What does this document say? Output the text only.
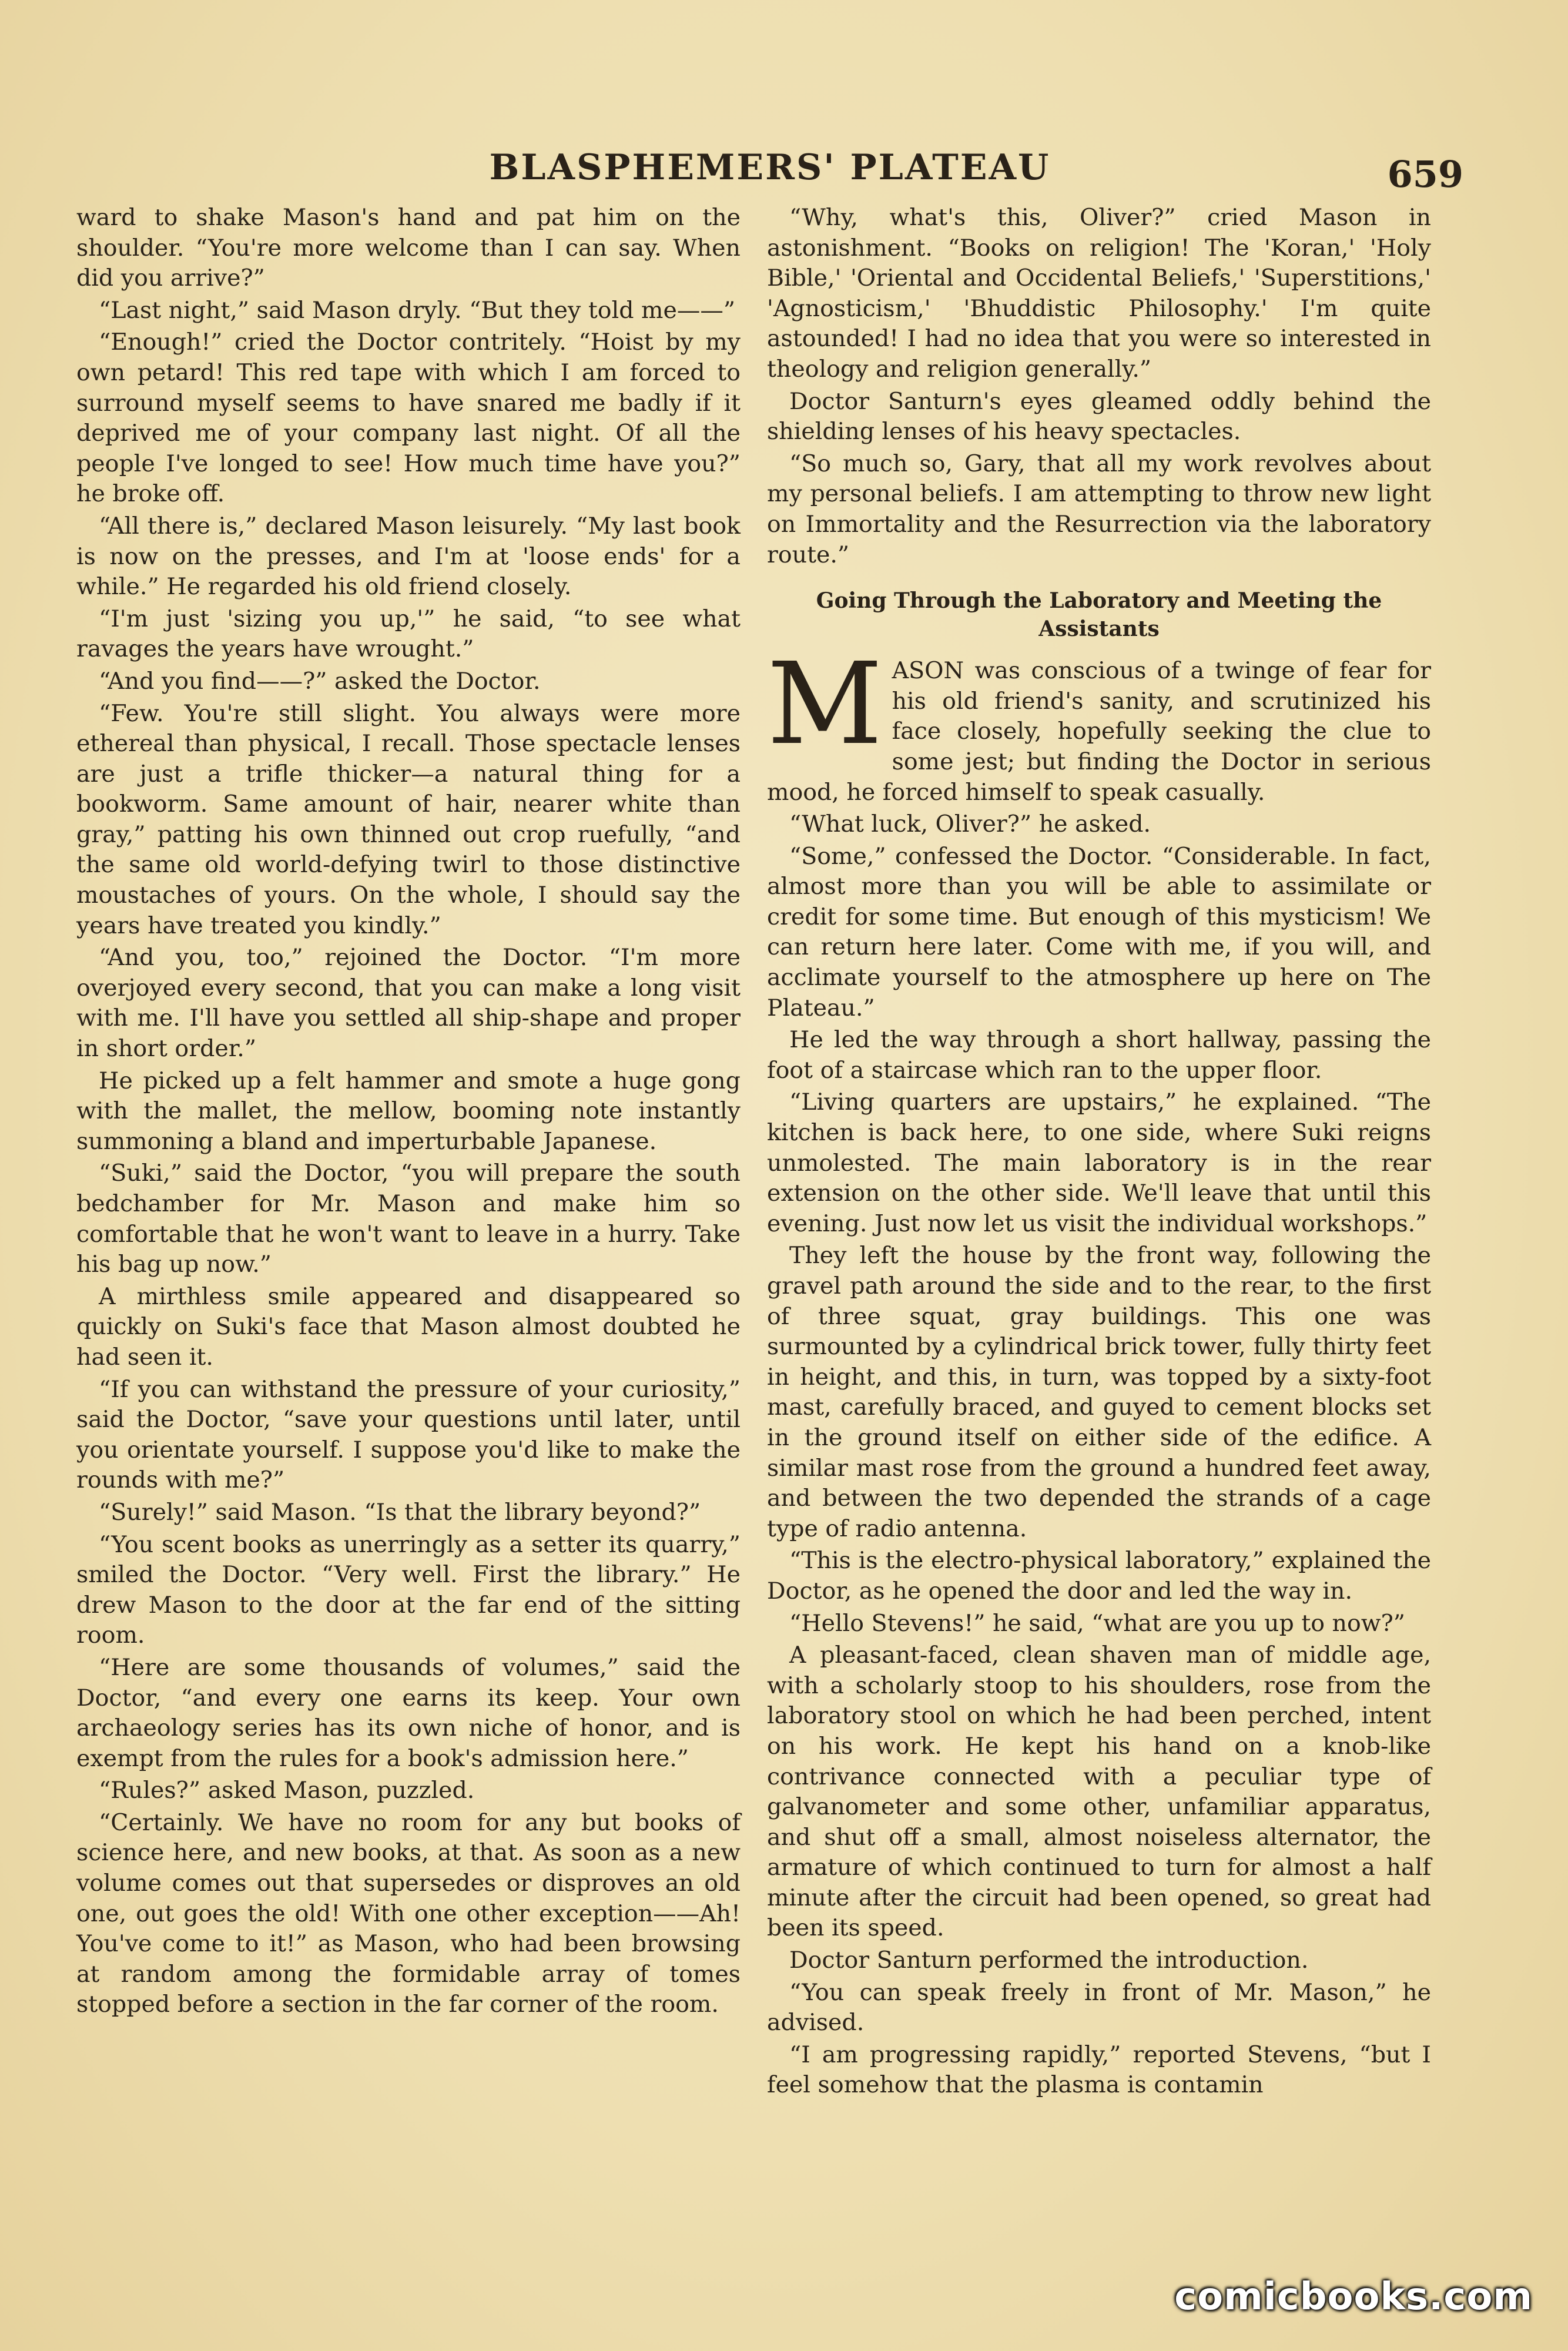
BLASPHEMERS' PLATEAU	659

ward to shake Mason's hand and pat him on the shoulder. “You're more welcome than I can say. When did you arrive?”

“Last night,” said Mason dryly. “But they told me——”

“Enough!” cried the Doctor contritely. “Hoist by my own petard! This red tape with which I am forced to surround myself seems to have snared me badly if it deprived me of your company last night. Of all the people I've longed to see! How much time have you?” he broke off.

“All there is,” declared Mason leisurely. “My last book is now on the presses, and I'm at 'loose ends' for a while.” He regarded his old friend closely.

“I'm just 'sizing you up,'” he said, “to see what ravages the years have wrought.”

“And you find——?” asked the Doctor.

“Few. You're still slight. You always were more ethereal than physical, I recall. Those spectacle lenses are just a trifle thicker—a natural thing for a bookworm. Same amount of hair, nearer white than gray,” patting his own thinned out crop ruefully, “and the same old world-defying twirl to those distinctive moustaches of yours. On the whole, I should say the years have treated you kindly.”

“And you, too,” rejoined the Doctor. “I'm more overjoyed every second, that you can make a long visit with me. I'll have you settled all ship-shape and proper in short order.”

He picked up a felt hammer and smote a huge gong with the mallet, the mellow, booming note instantly summoning a bland and imperturbable Japanese.

“Suki,” said the Doctor, “you will prepare the south bedchamber for Mr. Mason and make him so comfortable that he won't want to leave in a hurry. Take his bag up now.”

A mirthless smile appeared and disappeared so quickly on Suki's face that Mason almost doubted he had seen it.

“If you can withstand the pressure of your curiosity,” said the Doctor, “save your questions until later, until you orientate yourself. I suppose you'd like to make the rounds with me?”

“Surely!” said Mason. “Is that the library beyond?”

“You scent books as unerringly as a setter its quarry,” smiled the Doctor. “Very well. First the library.” He drew Mason to the door at the far end of the sitting room.

“Here are some thousands of volumes,” said the Doctor, “and every one earns its keep. Your own archaeology series has its own niche of honor, and is exempt from the rules for a book's admission here.”

“Rules?” asked Mason, puzzled.

“Certainly. We have no room for any but books of science here, and new books, at that. As soon as a new volume comes out that supersedes or disproves an old one, out goes the old! With one other exception——Ah! You've come to it!” as Mason, who had been browsing at random among the formidable array of tomes stopped before a section in the far corner of the room.

“Why, what's this, Oliver?” cried Mason in astonishment. “Books on religion! The 'Koran,' 'Holy Bible,' 'Oriental and Occidental Beliefs,' 'Superstitions,' 'Agnosticism,' 'Bhuddistic Philosophy.' I'm quite astounded! I had no idea that you were so interested in theology and religion generally.”

Doctor Santurn's eyes gleamed oddly behind the shielding lenses of his heavy spectacles.

“So much so, Gary, that all my work revolves about my personal beliefs. I am attempting to throw new light on Immortality and the Resurrection via the laboratory route.”

Going Through the Laboratory and Meeting the Assistants

MASON was conscious of a twinge of fear for his old friend's sanity, and scrutinized his face closely, hopefully seeking the clue to some jest; but finding the Doctor in serious mood, he forced himself to speak casually.

“What luck, Oliver?” he asked.

“Some,” confessed the Doctor. “Considerable. In fact, almost more than you will be able to assimilate or credit for some time. But enough of this mysticism! We can return here later. Come with me, if you will, and acclimate yourself to the atmosphere up here on The Plateau.”

He led the way through a short hallway, passing the foot of a staircase which ran to the upper floor.

“Living quarters are upstairs,” he explained. “The kitchen is back here, to one side, where Suki reigns unmolested. The main laboratory is in the rear extension on the other side. We'll leave that until this evening. Just now let us visit the individual workshops.”

They left the house by the front way, following the gravel path around the side and to the rear, to the first of three squat, gray buildings. This one was surmounted by a cylindrical brick tower, fully thirty feet in height, and this, in turn, was topped by a sixty-foot mast, carefully braced, and guyed to cement blocks set in the ground itself on either side of the edifice. A similar mast rose from the ground a hundred feet away, and between the two depended the strands of a cage type of radio antenna.

“This is the electro-physical laboratory,” explained the Doctor, as he opened the door and led the way in.

“Hello Stevens!” he said, “what are you up to now?”

A pleasant-faced, clean shaven man of middle age, with a scholarly stoop to his shoulders, rose from the laboratory stool on which he had been perched, intent on his work. He kept his hand on a knob-like contrivance connected with a peculiar type of galvanometer and some other, unfamiliar apparatus, and shut off a small, almost noiseless alternator, the armature of which continued to turn for almost a half minute after the circuit had been opened, so great had been its speed.

Doctor Santurn performed the introduction.

“You can speak freely in front of Mr. Mason,” he advised.

“I am progressing rapidly,” reported Stevens, “but I feel somehow that the plasma is contamin

comicbooks.com
